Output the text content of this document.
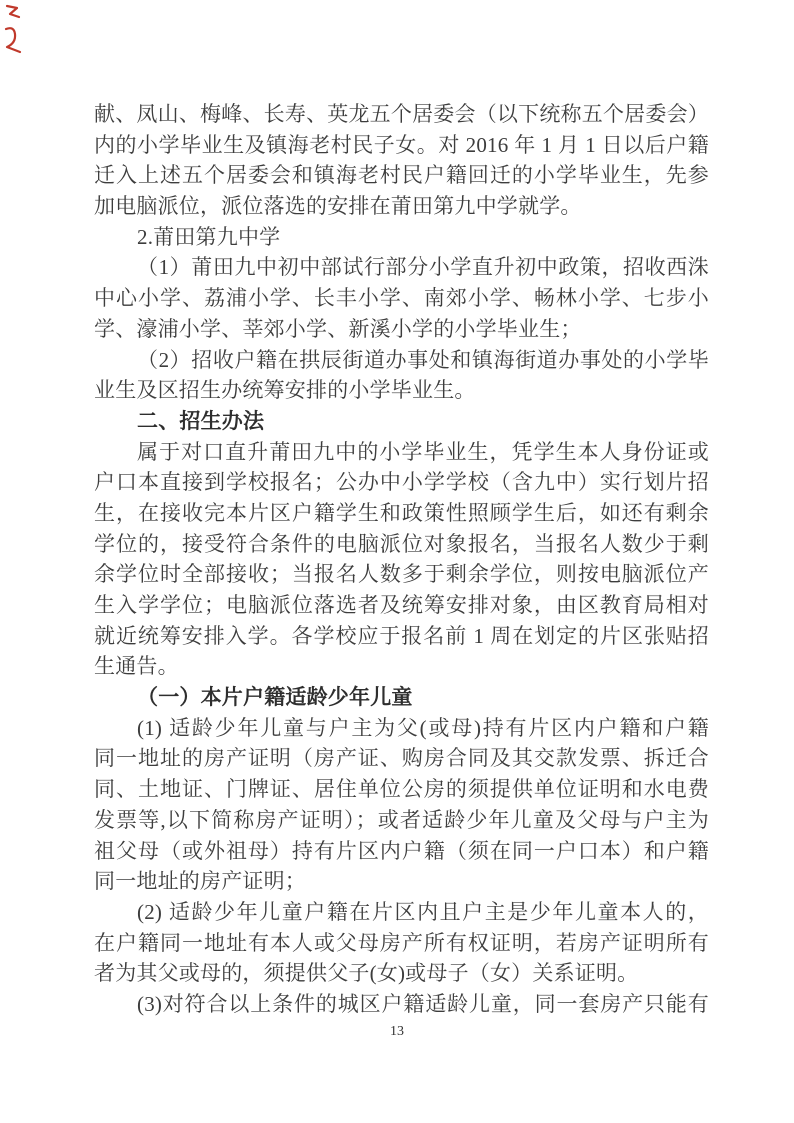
献、凤山、梅峰、长寿、英龙五个居委会（以下统称五个居委会）
内的小学毕业生及镇海老村民子女。对 2016 年 1 月 1 日以后户籍
迁入上述五个居委会和镇海老村民户籍回迁的小学毕业生，先参
加电脑派位，派位落选的安排在莆田第九中学就学。
2.莆田第九中学
（1）莆田九中初中部试行部分小学直升初中政策，招收西洙
中心小学、荔浦小学、长丰小学、南郊小学、畅林小学、七步小
学、濠浦小学、莘郊小学、新溪小学的小学毕业生；
（2）招收户籍在拱辰街道办事处和镇海街道办事处的小学毕
业生及区招生办统筹安排的小学毕业生。
二、招生办法
属于对口直升莆田九中的小学毕业生，凭学生本人身份证或
户口本直接到学校报名；公办中小学学校（含九中）实行划片招
生，在接收完本片区户籍学生和政策性照顾学生后，如还有剩余
学位的，接受符合条件的电脑派位对象报名，当报名人数少于剩
余学位时全部接收；当报名人数多于剩余学位，则按电脑派位产
生入学学位；电脑派位落选者及统筹安排对象，由区教育局相对
就近统筹安排入学。各学校应于报名前 1 周在划定的片区张贴招
生通告。
（一）本片户籍适龄少年儿童
(1) 适龄少年儿童与户主为父(或母)持有片区内户籍和户籍
同一地址的房产证明（房产证、购房合同及其交款发票、拆迁合
同、土地证、门牌证、居住单位公房的须提供单位证明和水电费
发票等,以下简称房产证明）；或者适龄少年儿童及父母与户主为
祖父母（或外祖母）持有片区内户籍（须在同一户口本）和户籍
同一地址的房产证明；
(2) 适龄少年儿童户籍在片区内且户主是少年儿童本人的，
在户籍同一地址有本人或父母房产所有权证明，若房产证明所有
者为其父或母的，须提供父子(女)或母子（女）关系证明。
(3)对符合以上条件的城区户籍适龄儿童，同一套房产只能有
13
